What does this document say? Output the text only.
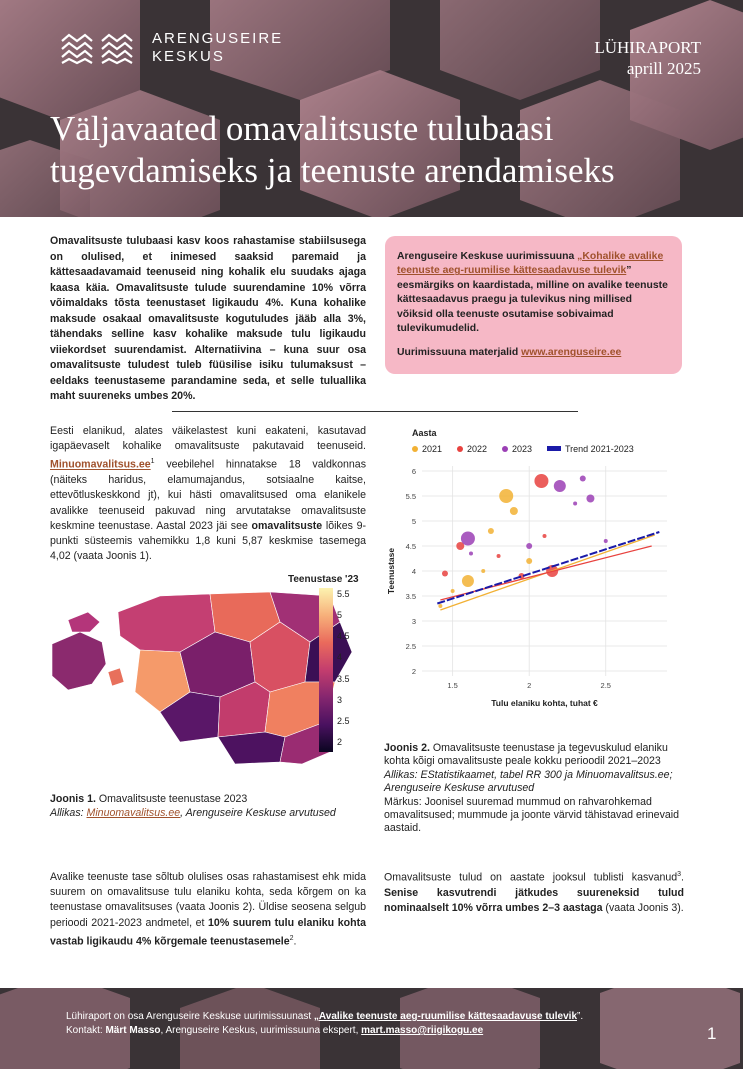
ARENGUSEIRE
KESKUS	LÜHIRAPORT
aprill 2025
Väljavaated omavalitsuste tulubaasi tugevdamiseks ja teenuste arendamiseks
Omavalitsuste tulubaasi kasv koos rahastamise stabiilsusega on olulised, et inimesed saaksid paremaid ja kättesaadavamaid teenuseid ning kohalik elu suudaks ajaga kaasa käia. Omavalitsuste tulude suurendamine 10% võrra võimaldaks tõsta teenustaset ligikaudu 4%. Kuna kohalike maksude osakaal omavalitsuste kogutuludes jääb alla 3%, tähendaks selline kasv kohalike maksude tulu ligikaudu viiekordset suurendamist. Alternatiivina – kuna suur osa omavalitsuste tuludest tuleb füüsilise isiku tulumaksust – eeldaks teenustaseme parandamine seda, et selle tuluallika maht suureneks umbes 20%.
Arenguseire Keskuse uurimissuuna „Kohalike avalike teenuste aeg-ruumilise kättesaadavuse tulevik” eesmärgiks on kaardistada, milline on avalike teenuste kättesaadavus praegu ja tulevikus ning millised võiksid olla teenuste osutamise sobivaimad tulevikumudelid.
Uurimissuuna materjalid www.arenguseire.ee
Eesti elanikud, alates väikelastest kuni eakateni, kasutavad igapäevaselt kohalike omavalitsuste pakutavaid teenuseid. $Minuomavalitsus.ee^1$ veebilehel hinnatakse 18 valdkonnas (näiteks haridus, elamumajandus, sotsiaalne kaitse, ettevõtluskeskkond jt), kui hästi omavalitsused oma elanikele avalikke teenuseid pakuvad ning arvutatakse omavalitsuste keskmine teenustase. Aastal 2023 jäi see omavalitsuste lõikes 9-punkti süsteemis vahemikku 1,8 kuni 5,87 keskmise tasemega 4,02 (vaata Joonis 1).
Teenustase '23
5.5
5
4.5
4
3.5
3
2.5
2
Joonis 1. Omavalitsuste teenustase 2023
Allikas: Minuomavalitsus.ee, Arenguseire Keskuse arvutused
Avalike teenuste tase sõltub olulises osas rahastamisest ehk mida suurem on omavalitsuse tulu elaniku kohta, seda kõrgem on ka teenustase omavalitsuses (vaata Joonis 2). Üldise seosena selgub perioodi 2021-2023 andmetel, et 10% suurem tulu elaniku kohta vastab ligikaudu 4% kõrgemale teenustasemele$^2$.
Aasta
2021	2022	2023	Trend 2021-2023
2
2.5
3
3.5
4
4.5
5
5.5
6
1.5	2	2.5
Tulu elaniku kohta, tuhat €
Teenustase
Joonis 2. Omavalitsuste teenustase ja tegevuskulud elaniku kohta kõigi omavalitsuste peale kokku perioodil 2021–2023
Allikas: EStatistikaamet, tabel RR 300 ja Minuomavalitsus.ee; Arenguseire Keskuse arvutused
Märkus: Joonisel suuremad mummud on rahvarohkemad omavalitsused; mummude ja joonte värvid tähistavad erinevaid aastaid.
Omavalitsuste tulud on aastate jooksul tublisti kasvanud$^3$. Senise kasvutrendi jätkudes suureneksid tulud nominaalselt 10% võrra umbes 2–3 aastaga (vaata Joonis 3).
Lühiraport on osa Arenguseire Keskuse uurimissuunast „Avalike teenuste aeg-ruumilise kättesaadavuse tulevik”.
Kontakt: Märt Masso, Arenguseire Keskus, uurimissuuna ekspert, mart.masso@riigikogu.ee	1
